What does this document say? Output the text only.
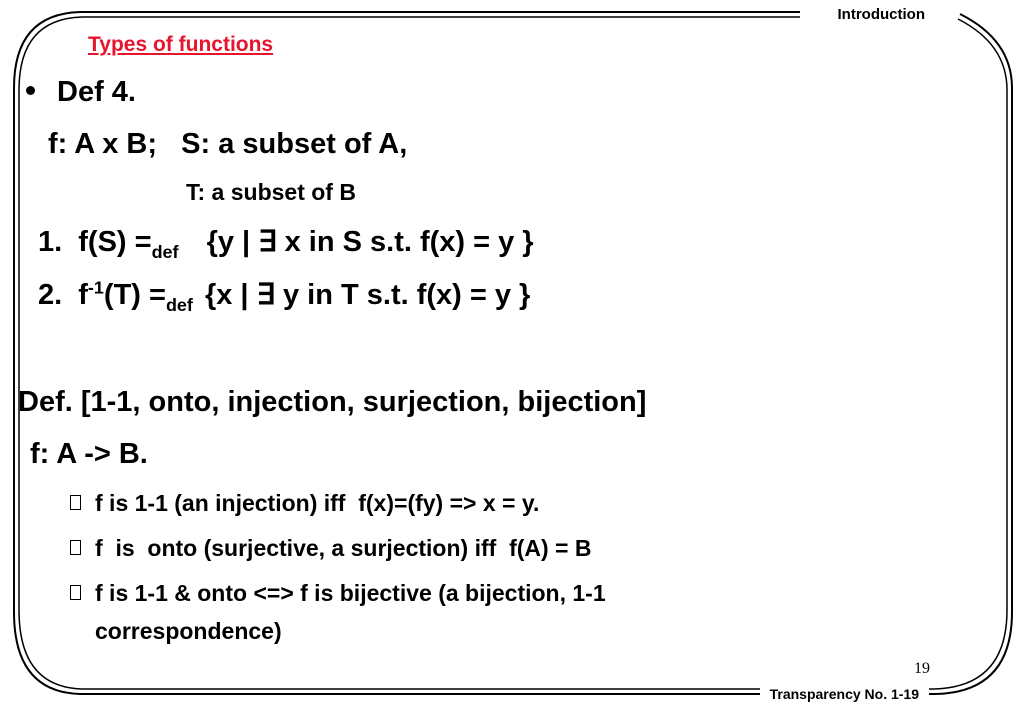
Introduction
Types of functions
Def 4.
f: A x B;   S: a subset of A,
T: a subset of B
1. $f(S) =_{def}$ {y | ∃ x in S s.t. f(x) = y }
2. $f^{-1}(T) =_{def}$ {x | ∃ y in T s.t. f(x) = y }
Def. [1-1, onto, injection, surjection, bijection]
f: A -> B.
f is 1-1 (an injection) iff  f(x)=(fy) => x = y.
f  is  onto (surjective, a surjection) iff  f(A) = B
f is 1-1 & onto <=> f is bijective (a bijection, 1-1
correspondence)
19
Transparency No. 1-19
